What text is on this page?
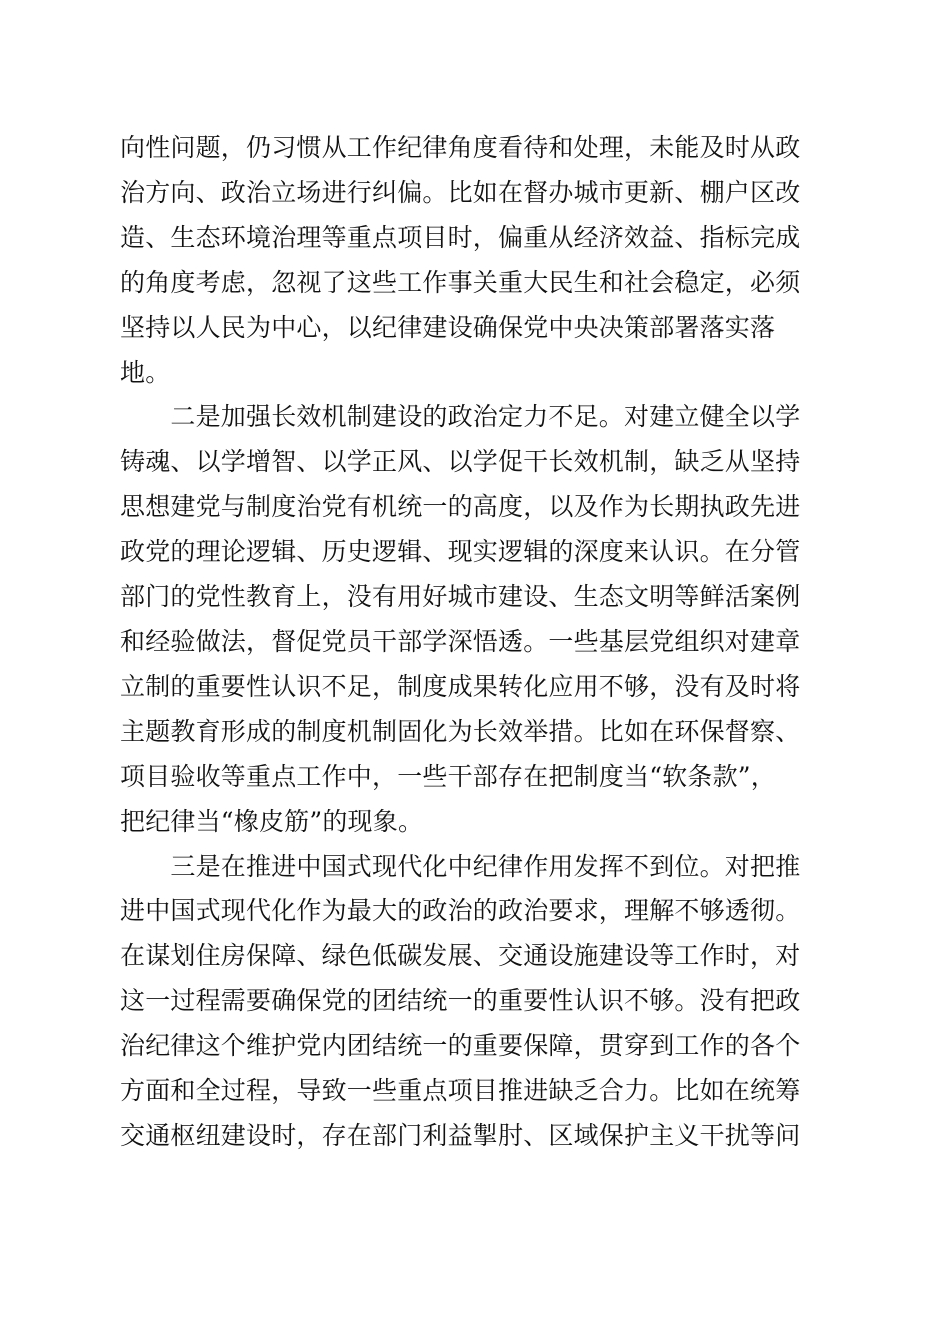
向性问题，仍习惯从工作纪律角度看待和处理，未能及时从政
治方向、政治立场进行纠偏。比如在督办城市更新、棚户区改
造、生态环境治理等重点项目时，偏重从经济效益、指标完成
的角度考虑，忽视了这些工作事关重大民生和社会稳定，必须
坚持以人民为中心，以纪律建设确保党中央决策部署落实落
地。

　　二是加强长效机制建设的政治定力不足。对建立健全以学
铸魂、以学增智、以学正风、以学促干长效机制，缺乏从坚持
思想建党与制度治党有机统一的高度，以及作为长期执政先进
政党的理论逻辑、历史逻辑、现实逻辑的深度来认识。在分管
部门的党性教育上，没有用好城市建设、生态文明等鲜活案例
和经验做法，督促党员干部学深悟透。一些基层党组织对建章
立制的重要性认识不足，制度成果转化应用不够，没有及时将
主题教育形成的制度机制固化为长效举措。比如在环保督察、
项目验收等重点工作中，一些干部存在把制度当“软条款”，
把纪律当“橡皮筋”的现象。

　　三是在推进中国式现代化中纪律作用发挥不到位。对把推
进中国式现代化作为最大的政治的政治要求，理解不够透彻。
在谋划住房保障、绿色低碳发展、交通设施建设等工作时，对
这一过程需要确保党的团结统一的重要性认识不够。没有把政
治纪律这个维护党内团结统一的重要保障，贯穿到工作的各个
方面和全过程，导致一些重点项目推进缺乏合力。比如在统筹
交通枢纽建设时，存在部门利益掣肘、区域保护主义干扰等问
